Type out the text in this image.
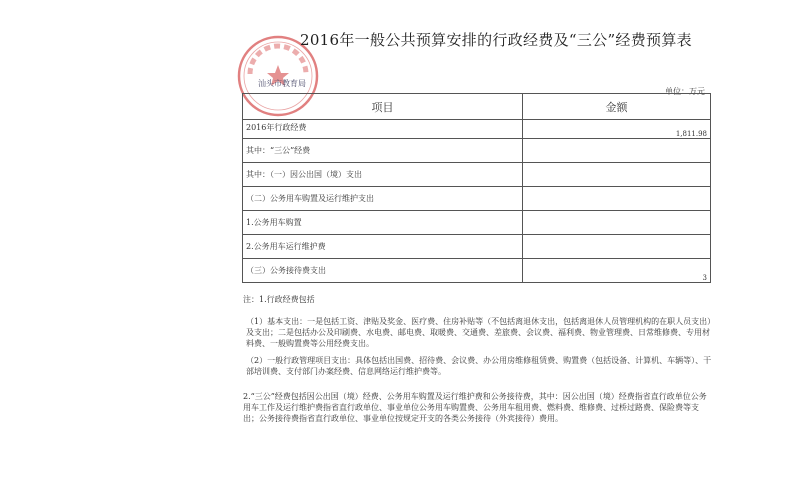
2016年一般公共预算安排的行政经费及“三公”经费预算表
汕头市教育局
单位：万元
项目	金额
2016年行政经费	1,811.98
其中：“三公”经费	
其中：（一）因公出国（境）支出	
（二）公务用车购置及运行维护支出	
1.公务用车购置	
2.公务用车运行维护费	
（三）公务接待费支出	3

注：1.行政经费包括

（1）基本支出：一是包括工资、津贴及奖金、医疗费、住房补贴等（不包括离退休支出，包括离退休人员管理机构的在职人员支出）及支出；二是包括办公及印刷费、水电费、邮电费、取暖费、交通费、差旅费、会议费、福利费、物业管理费、日常维修费、专用材料费、一般购置费等公用经费支出。

（2）一般行政管理项目支出：具体包括出国费、招待费、会议费、办公用房维修租赁费、购置费（包括设备、计算机、车辆等）、干部培训费、支付部门办案经费、信息网络运行维护费等。

2.“三公”经费包括因公出国（境）经费、公务用车购置及运行维护费和公务接待费，其中：因公出国（境）经费指省直行政单位公务用车工作及运行维护费指省直行政单位、事业单位公务用车购置费、公务用车租用费、燃料费、维修费、过桥过路费、保险费等支出；公务接待费指省直行政单位、事业单位按规定开支的各类公务接待（外宾接待）费用。
